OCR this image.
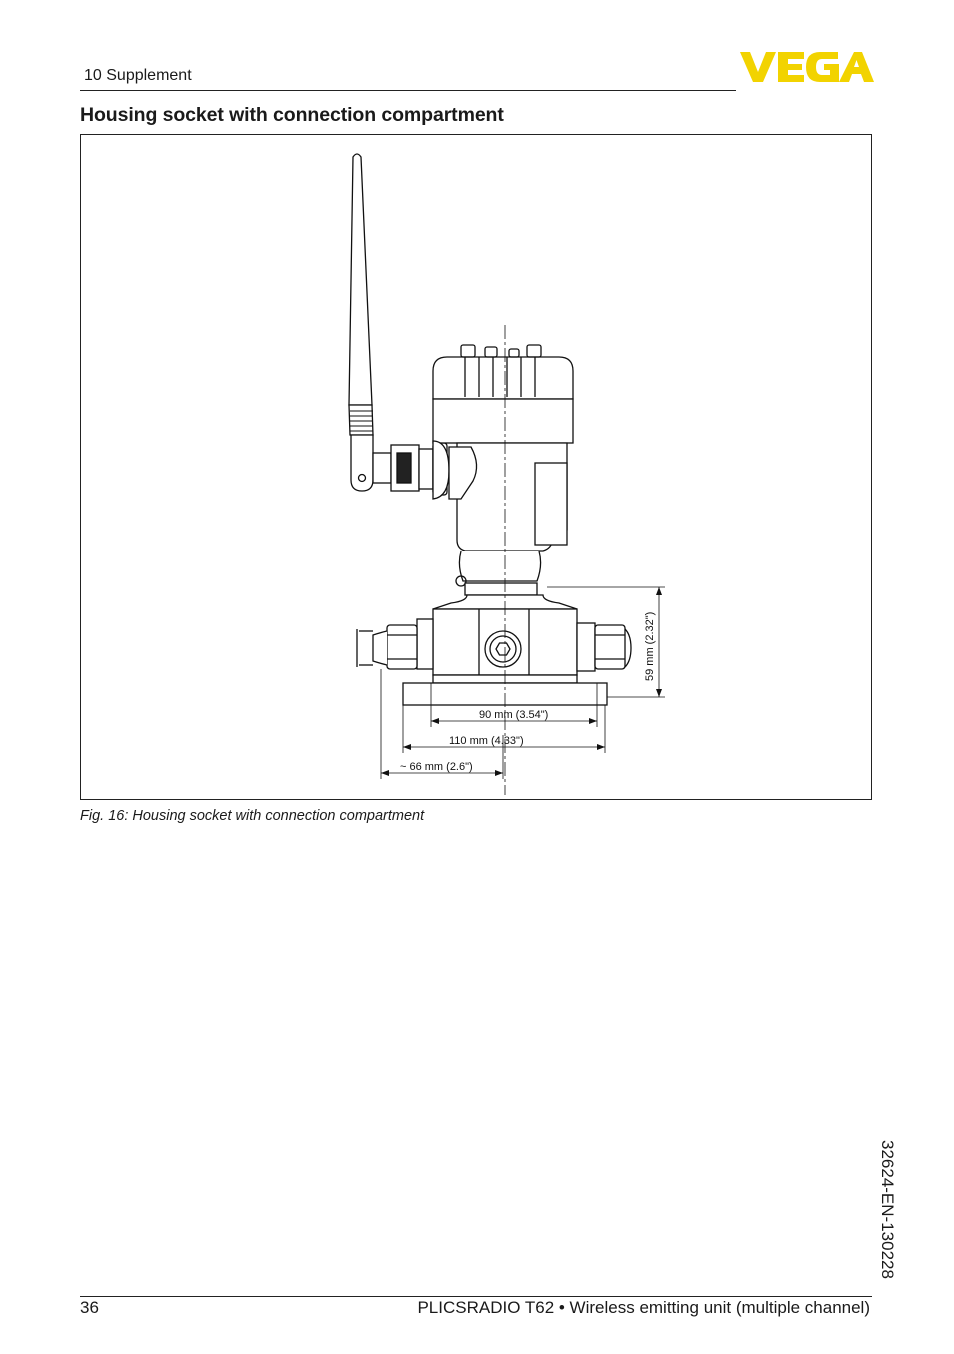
10 Supplement
Housing socket with connection compartment
59 mm (2.32")
90 mm (3.54")
110 mm (4.33")
~ 66 mm (2.6")
Fig. 16: Housing socket with connection compartment
32624-EN-130228
36	PLICSRADIO T62 • Wireless emitting unit (multiple channel)
